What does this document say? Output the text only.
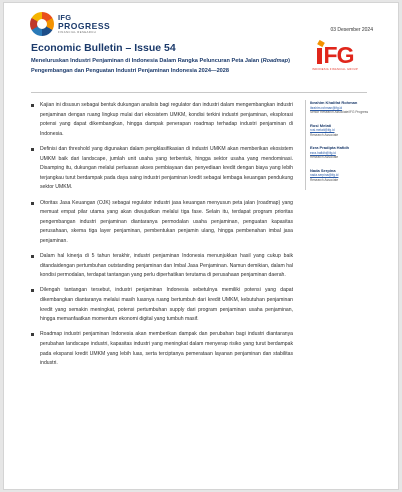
IFG
PROGRESS
FINANCIAL RESEARCH	03 Desember 2024
Economic Bulletin – Issue 54
Meneluruskan Industri Penjaminan di Indonesia Dalam Rangka Peluncuran Peta Jalan (Roadmap) Pengembangan dan Penguatan Industri Penjaminan Indonesia 2024—2028
FG
INDONESIA FINANCIAL GROUP
Kajian ini disusun sebagai bentuk dukungan analisis bagi regulator dan industri dalam mengembangkan industri penjaminan dengan ruang lingkup mulai dari ekosistem UMKM, kondisi terkini industri penjaminan, eksplorasi potensi yang dapat dikembangkan, hingga dampak penerapan roadmap terhadap industri penjaminan di Indonesia.
Definisi dan threshold yang digunakan dalam pengklasifikasian di industri UMKM akan memberikan ekosistem UMKM baik dari landscape, jumlah unit usaha yang terbentuk, hingga sektor usaha yang mendominasi. Disamping itu, dukungan melalui perluasan akses pembiayaan dan penyediaan kredit dengan biaya yang lebih terjangkau turut berdampak pada daya saing industri penjaminan kredit sebagai lembaga keuangan pendukung sektor UMKM.
Otoritas Jasa Keuangan (OJK) sebagai regulator industri jasa keuangan menyusun peta jalan (roadmap) yang memuat empat pilar utama yang akan diwujudkan melalui tiga fase. Selain itu, terdapat program prioritas pengembangan industri penjaminan diantaranya permodalan usaha penjaminan, penguatan kapasitas perusahaan, skema tiga layer penjaminan, pembentukan penjamin ulang, hingga pembenahan imbal jasa penjaminan.
Dalam hal kinerja di 5 tahun terakhir, industri penjaminan Indonesia menunjukkan hasil yang cukup baik ditandaidengan pertumbuhan outstanding penjaminan dan Imbal Jasa Penjaminan. Namun demikian, dalam hal kondisi permodalan, terdapat tantangan yang perlu diperhatikan terutama di perusahaan penjaminan daerah.
Dilengah tantangan tersebut, industri penjaminan Indonesia sebetulnya memiliki potensi yang dapat dikembangkan diantaranya melalui masih luasnya ruang bertumbuh dari kredit UMKM, kebutuhan penjaminan kredit yang semakin meningkat, potensi pertumbuhan supply dari program penjaminan usaha penjaminan, hingga memanfaatkan momentum ekonomi digital yang tumbuh masif.
Roadmap industri penjaminan Indonesia akan memberikan dampak dan perubahan bagi industri diantaranya perubahan landscape industri, kapasitas industri yang meningkat dalam menyerap risiko yang turut berdampak pada ekspansi kredit UMKM yang lebih luas, serta terciptanya pemerataan layanan penjaminan dan stabilitas industri.
Ibrahim Khalifat Rohman
ibrahim.rohman@ifg.id
Senior Research Associate/IFG Progress
Rosi Melati
rosi.melati@ifg.id
Research Associate
Ezra Pradipta Hafidh
ezra.hafidh@ifg.id
Research Associate
Nada Serpina
nada.serpina@ifg.id
Research Associate
